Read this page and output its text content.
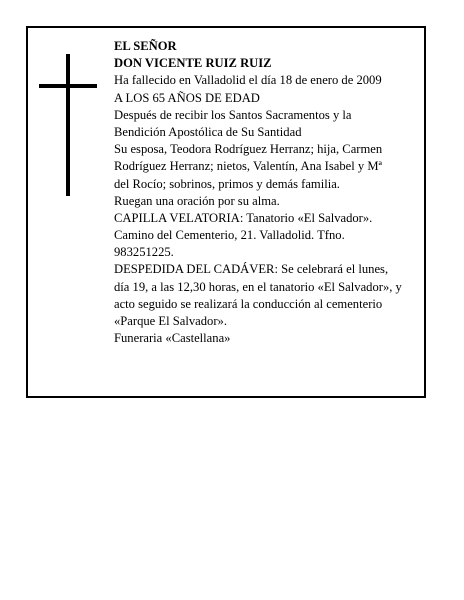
EL SEÑOR
DON VICENTE RUIZ RUIZ
Ha fallecido en Valladolid el día 18 de enero de 2009
A LOS 65 AÑOS DE EDAD
Después de recibir los Santos Sacramentos y la
Bendición Apostólica de Su Santidad
Su esposa, Teodora Rodríguez Herranz; hija, Carmen
Rodríguez Herranz; nietos, Valentín, Ana Isabel y Mª
del Rocío; sobrinos, primos y demás familia.
Ruegan una oración por su alma.
CAPILLA VELATORIA: Tanatorio «El Salvador».
Camino del Cementerio, 21. Valladolid. Tfno.
983251225.
DESPEDIDA DEL CADÁVER: Se celebrará el lunes,
día 19, a las 12,30 horas, en el tanatorio «El Salvador», y
acto seguido se realizará la conducción al cementerio
«Parque El Salvador».
Funeraria «Castellana»
